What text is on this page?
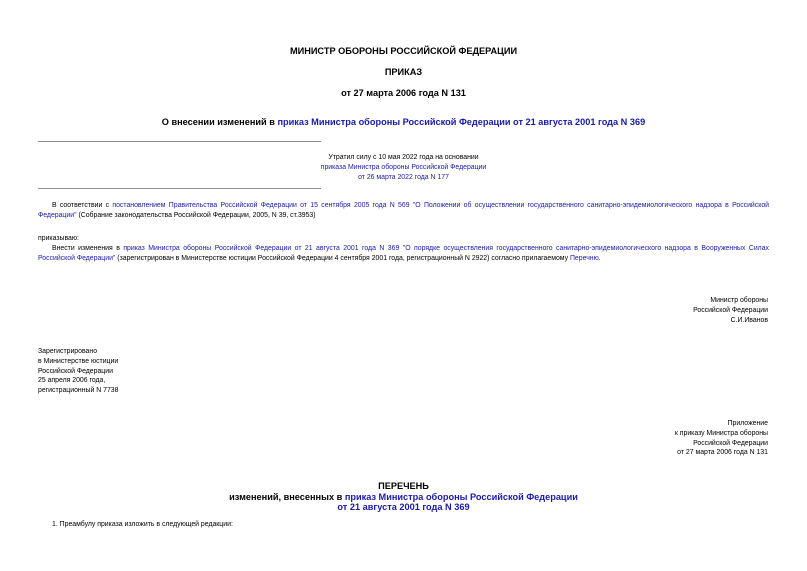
МИНИСТР ОБОРОНЫ РОССИЙСКОЙ ФЕДЕРАЦИИ
ПРИКАЗ
от 27 марта 2006 года N 131
О внесении изменений в приказ Министра обороны Российской Федерации от 21 августа 2001 года N 369
Утратил силу с 10 мая 2022 года на основании
приказа Министра обороны Российской Федерации
от 26 марта 2022 года N 177
В соответствии с постановлением Правительства Российской Федерации от 15 сентября 2005 года N 569 "О Положении об осуществлении государственного санитарно-эпидемиологического надзора в Российской Федерации" (Собрание законодательства Российской Федерации, 2005, N 39, ст.3953)
приказываю:
Внести изменения в приказ Министра обороны Российской Федерации от 21 августа 2001 года N 369 "О порядке осуществления государственного санитарно-эпидемиологического надзора в Вооруженных Силах Российской Федерации" (зарегистрирован в Министерстве юстиции Российской Федерации 4 сентября 2001 года, регистрационный N 2922) согласно прилагаемому Перечню.
Министр обороны
Российской Федерации
С.И.Иванов
Зарегистрировано
в Министерстве юстиции
Российской Федерации
25 апреля 2006 года,
регистрационный N 7738
Приложение
к приказу Министра обороны
Российской Федерации
от 27 марта 2006 года N 131
ПЕРЕЧЕНЬ
изменений, внесенных в приказ Министра обороны Российской Федерации
от 21 августа 2001 года N 369
1. Преамбулу приказа изложить в следующей редакции:
